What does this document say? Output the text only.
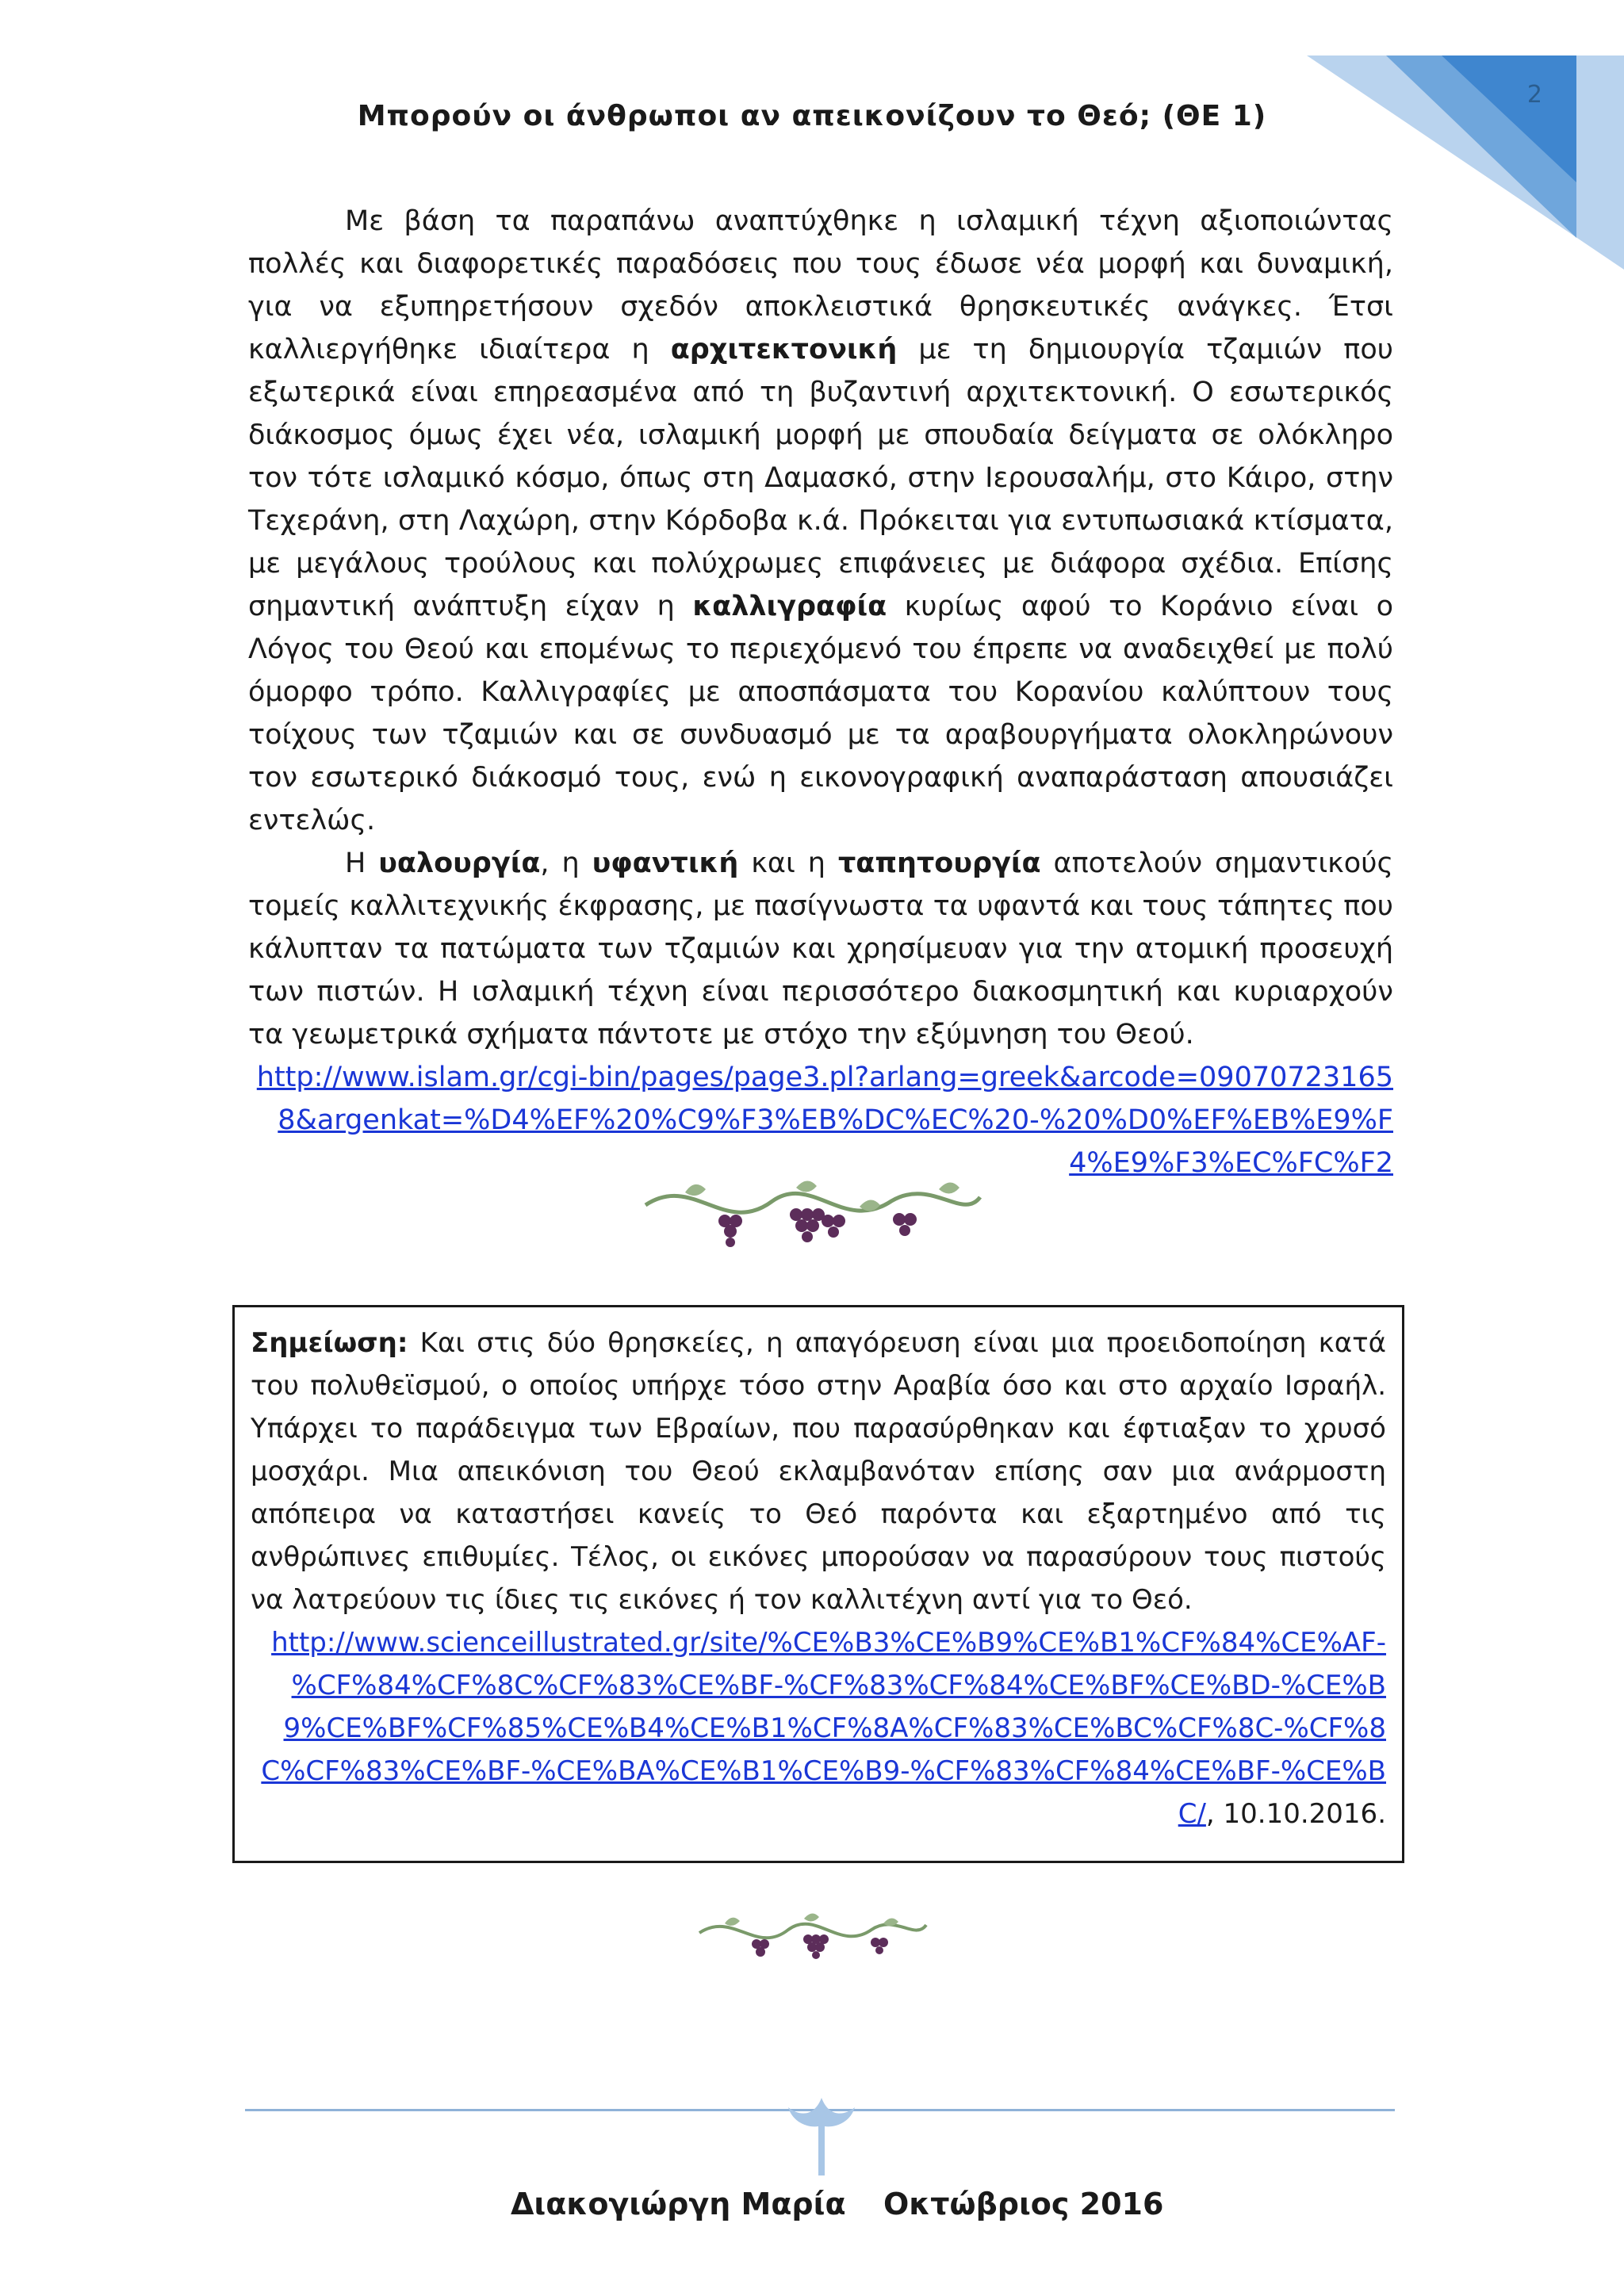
2
Μπορούν οι άνθρωποι αν απεικονίζουν το Θεό; (ΘΕ 1)

Με βάση τα παραπάνω αναπτύχθηκε η ισλαμική τέχνη αξιοποιώντας πολλές και διαφορετικές παραδόσεις που τους έδωσε νέα μορφή και δυναμική, για να εξυπηρετήσουν σχεδόν αποκλειστικά θρησκευτικές ανάγκες. Έτσι καλλιεργήθηκε ιδιαίτερα η αρχιτεκτονική με τη δημιουργία τζαμιών που εξωτερικά είναι επηρεασμένα από τη βυζαντινή αρχιτεκτονική. Ο εσωτερικός διάκοσμος όμως έχει νέα, ισλαμική μορφή με σπουδαία δείγματα σε ολόκληρο τον τότε ισλαμικό κόσμο, όπως στη Δαμασκό, στην Ιερουσαλήμ, στο Κάιρο, στην Τεχεράνη, στη Λαχώρη, στην Κόρδοβα κ.ά. Πρόκειται για εντυπωσιακά κτίσματα, με μεγάλους τρούλους και πολύχρωμες επιφάνειες με διάφορα σχέδια. Επίσης σημαντική ανάπτυξη είχαν η καλλιγραφία κυρίως αφού το Κοράνιο είναι ο Λόγος του Θεού και επομένως το περιεχόμενό του έπρεπε να αναδειχθεί με πολύ όμορφο τρόπο. Καλλιγραφίες με αποσπάσματα του Κορανίου καλύπτουν τους τοίχους των τζαμιών και σε συνδυασμό με τα αραβουργήματα ολοκληρώνουν τον εσωτερικό διάκοσμό τους, ενώ η εικονογραφική αναπαράσταση απουσιάζει εντελώς.

Η υαλουργία, η υφαντική και η ταπητουργία αποτελούν σημαντικούς τομείς καλλιτεχνικής έκφρασης, με πασίγνωστα τα υφαντά και τους τάπητες που κάλυπταν τα πατώματα των τζαμιών και χρησίμευαν για την ατομική προσευχή των πιστών. Η ισλαμική τέχνη είναι περισσότερο διακοσμητική και κυριαρχούν τα γεωμετρικά σχήματα πάντοτε με στόχο την εξύμνηση του Θεού.

http://www.islam.gr/cgi-bin/pages/page3.pl?arlang=greek&arcode=090707231658&argenkat=%D4%EF%20%C9%F3%EB%DC%EC%20-%20%D0%EF%EB%E9%F4%E9%F3%EC%FC%F2

Σημείωση: Και στις δύο θρησκείες, η απαγόρευση είναι μια προειδοποίηση κατά του πολυθεϊσμού, ο οποίος υπήρχε τόσο στην Αραβία όσο και στο αρχαίο Ισραήλ. Υπάρχει το παράδειγμα των Εβραίων, που παρασύρθηκαν και έφτιαξαν το χρυσό μοσχάρι. Μια απεικόνιση του Θεού εκλαμβανόταν επίσης σαν μια ανάρμοστη απόπειρα να καταστήσει κανείς το Θεό παρόντα και εξαρτημένο από τις ανθρώπινες επιθυμίες. Τέλος, οι εικόνες μπορούσαν να παρασύρουν τους πιστούς να λατρεύουν τις ίδιες τις εικόνες ή τον καλλιτέχνη αντί για το Θεό.

http://www.scienceillustrated.gr/site/%CE%B3%CE%B9%CE%B1%CF%84%CE%AF-%CF%84%CF%8C%CF%83%CE%BF-%CF%83%CF%84%CE%BF%CE%BD-%CE%B9%CE%BF%CF%85%CE%B4%CE%B1%CF%8A%CF%83%CE%BC%CF%8C-%CF%8C%CF%83%CE%BF-%CE%BA%CE%B1%CE%B9-%CF%83%CF%84%CE%BF-%CE%BC/, 10.10.2016.

Διακογιώργη Μαρία Οκτώβριος 2016
